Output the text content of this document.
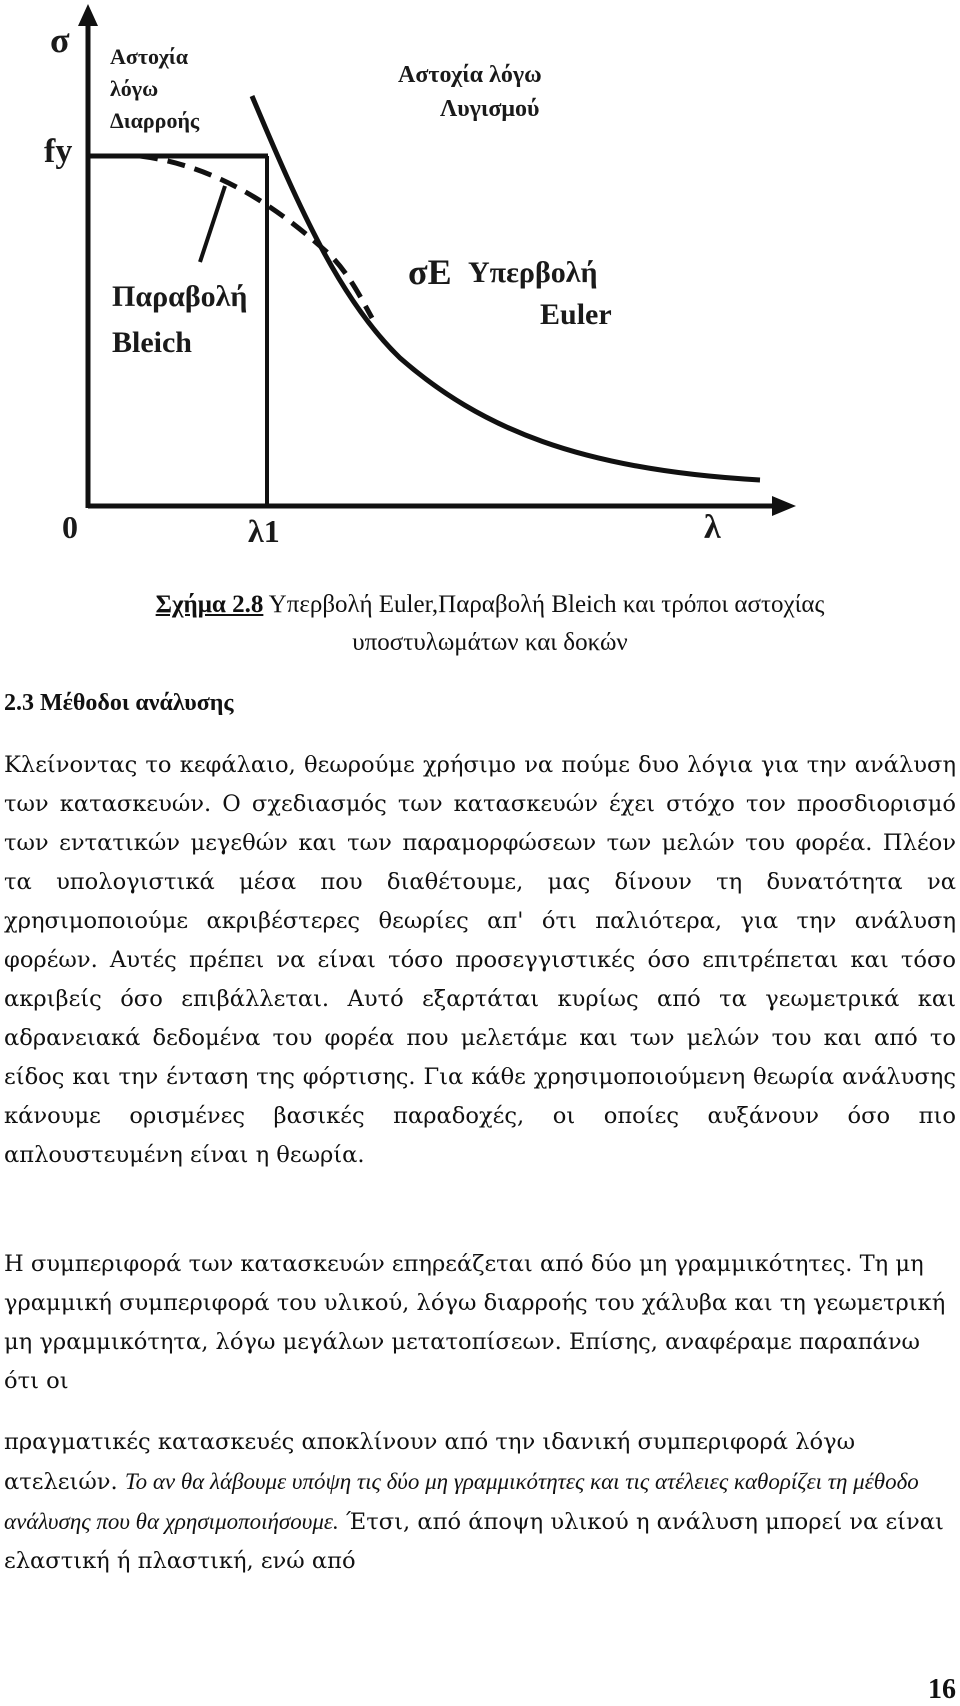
σ
fy
0	λ1	λ
Αστοχία
λόγω
Διαρροής
Αστοχία λόγω
Λυγισμού
Παραβολή
Bleich
σE Υπερβολή
Euler
Σχήμα 2.8 Υπερβολή Euler,Παραβολή Bleich και τρόποι αστοχίας υποστυλωμάτων και δοκών
2.3 Μέθοδοι ανάλυσης
Κλείνοντας το κεφάλαιο, θεωρούμε χρήσιμο να πούμε δυο λόγια για την ανάλυση των κατασκευών. Ο σχεδιασμός των κατασκευών έχει στόχο τον προσδιορισμό των εντατικών μεγεθών και των παραμορφώσεων των μελών του φορέα. Πλέον τα υπολογιστικά μέσα που διαθέτουμε, μας δίνουν τη δυνατότητα να χρησιμοποιούμε ακριβέστερες θεωρίες απ' ότι παλιότερα, για την ανάλυση φορέων. Αυτές πρέπει να είναι τόσο προσεγγιστικές όσο επιτρέπεται και τόσο ακριβείς όσο επιβάλλεται. Αυτό εξαρτάται κυρίως από τα γεωμετρικά και αδρανειακά δεδομένα του φορέα που μελετάμε και των μελών του και από το είδος και την ένταση της φόρτισης. Για κάθε χρησιμοποιούμενη θεωρία ανάλυσης κάνουμε ορισμένες βασικές παραδοχές, οι οποίες αυξάνουν όσο πιο απλουστευμένη είναι η θεωρία.
Η συμπεριφορά των κατασκευών επηρεάζεται από δύο μη γραμμικότητες. Τη μη γραμμική συμπεριφορά του υλικού, λόγω διαρροής του χάλυβα και τη γεωμετρική μη γραμμικότητα, λόγω μεγάλων μετατοπίσεων. Επίσης, αναφέραμε παραπάνω ότι οι
πραγματικές κατασκευές αποκλίνουν από την ιδανική συμπεριφορά λόγω ατελειών. Το αν θα λάβουμε υπόψη τις δύο μη γραμμικότητες και τις ατέλειες καθορίζει τη μέθοδο ανάλυσης που θα χρησιμοποιήσουμε. Έτσι, από άποψη υλικού η ανάλυση μπορεί να είναι ελαστική ή πλαστική, ενώ από
16
